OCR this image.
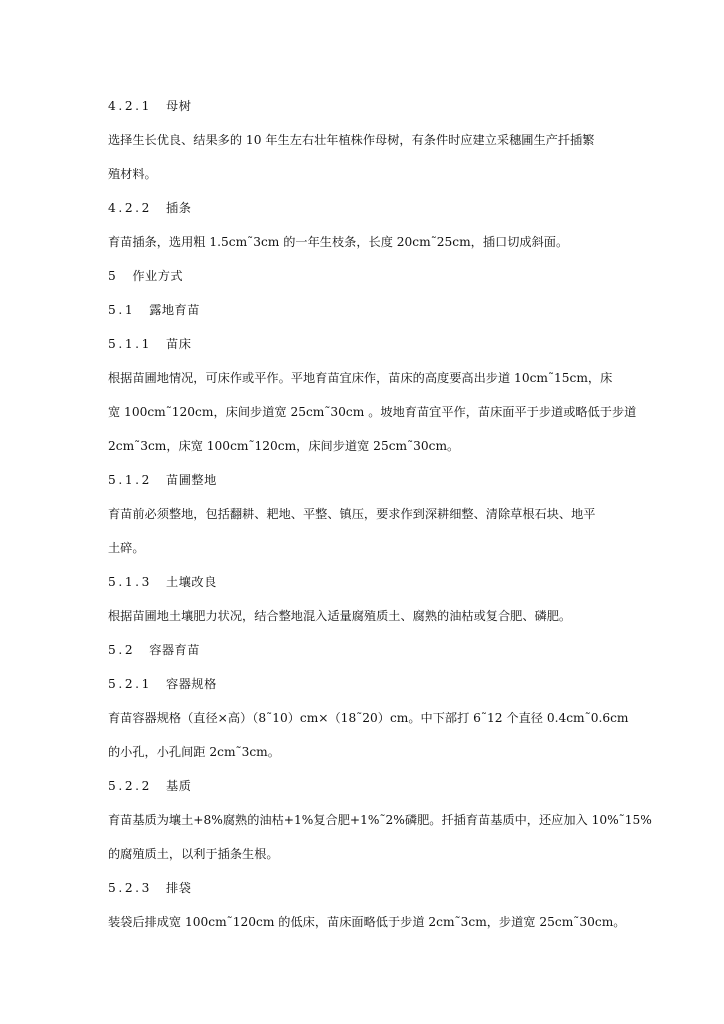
4.2.1 母树
选择生长优良、结果多的 10 年生左右壮年植株作母树，有条件时应建立采穗圃生产扦插繁
殖材料。
4.2.2 插条
育苗插条，选用粗 1.5cm˜3cm 的一年生枝条，长度 20cm˜25cm，插口切成斜面。
5 作业方式
5.1 露地育苗
5.1.1 苗床
根据苗圃地情况，可床作或平作。平地育苗宜床作，苗床的高度要高出步道 10cm˜15cm，床
宽 100cm˜120cm，床间步道宽 25cm˜30cm 。坡地育苗宜平作，苗床面平于步道或略低于步道
2cm˜3cm，床宽 100cm˜120cm，床间步道宽 25cm˜30cm。
5.1.2 苗圃整地
育苗前必须整地，包括翻耕、耙地、平整、镇压，要求作到深耕细整、清除草根石块、地平
土碎。
5.1.3 土壤改良
根据苗圃地土壤肥力状况，结合整地混入适量腐殖质土、腐熟的油枯或复合肥、磷肥。
5.2 容器育苗
5.2.1 容器规格
育苗容器规格（直径×高）（8˜10）cm×（18˜20）cm。中下部打 6˜12 个直径 0.4cm˜0.6cm
的小孔，小孔间距 2cm˜3cm。
5.2.2 基质
育苗基质为壤土+8%腐熟的油枯+1%复合肥+1%˜2%磷肥。扦插育苗基质中，还应加入 10%˜15%
的腐殖质土，以利于插条生根。
5.2.3 排袋
装袋后排成宽 100cm˜120cm 的低床，苗床面略低于步道 2cm˜3cm，步道宽 25cm˜30cm。
